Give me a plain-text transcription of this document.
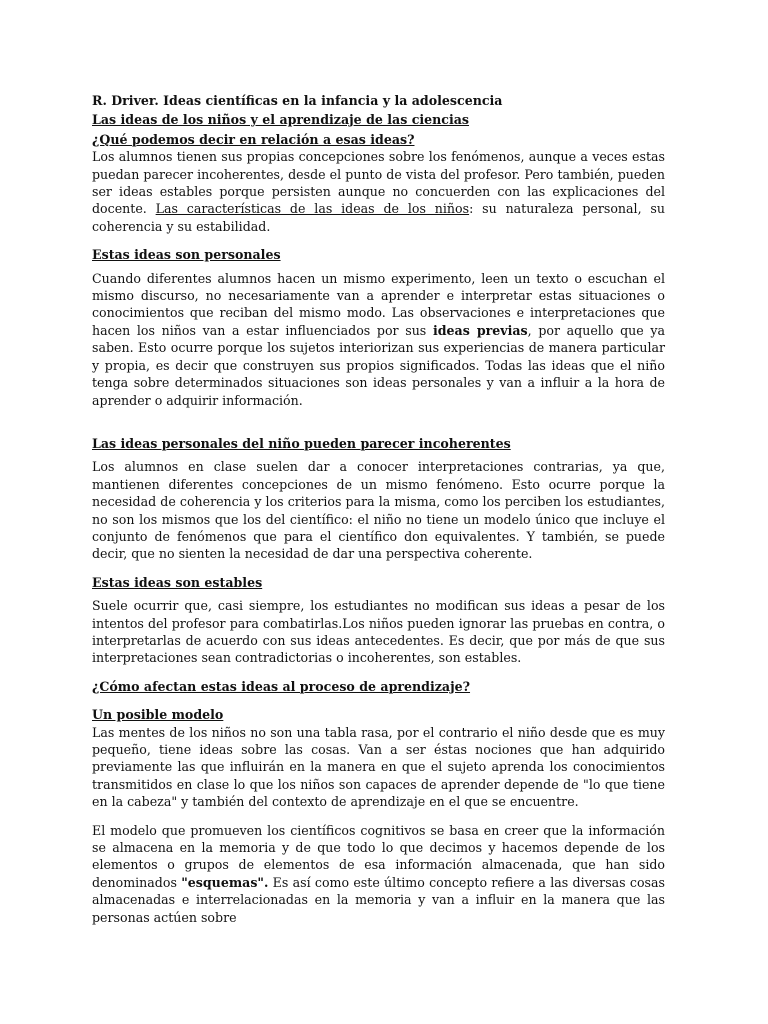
R. Driver. Ideas científicas en la infancia y la adolescencia

Las ideas de los niños y el aprendizaje de las ciencias

¿Qué podemos decir en relación a esas ideas?

Los alumnos tienen sus propias concepciones sobre los fenómenos, aunque a veces estas puedan parecer incoherentes, desde el punto de vista del profesor. Pero también, pueden ser ideas estables porque persisten aunque no concuerden con las explicaciones del docente. Las características de las ideas de los niños: su naturaleza personal, su coherencia y su estabilidad.

Estas ideas son personales

Cuando diferentes alumnos hacen un mismo experimento, leen un texto o escuchan el mismo discurso, no necesariamente van a aprender e interpretar estas situaciones o conocimientos que reciban del mismo modo. Las observaciones e interpretaciones que hacen los niños van a estar influenciados por sus ideas previas, por aquello que ya saben. Esto ocurre porque los sujetos interiorizan sus experiencias de manera particular y propia, es decir que construyen sus propios significados. Todas las ideas que el niño tenga sobre determinados situaciones son ideas personales y van a influir a la hora de aprender o adquirir información.

Las ideas personales del niño pueden parecer incoherentes

Los alumnos en clase suelen dar a conocer interpretaciones contrarias, ya que, mantienen diferentes concepciones de un mismo fenómeno. Esto ocurre porque la necesidad de coherencia y los criterios para la misma, como los perciben los estudiantes, no son los mismos que los del científico: el niño no tiene un modelo único que incluye el conjunto de fenómenos que para el científico don equivalentes. Y también, se puede decir, que no sienten la necesidad de dar una perspectiva coherente.

Estas ideas son estables

Suele ocurrir que, casi siempre, los estudiantes no modifican sus ideas a pesar de los intentos del profesor para combatirlas.Los niños pueden ignorar las pruebas en contra, o interpretarlas de acuerdo con sus ideas antecedentes. Es decir, que por más de que sus interpretaciones sean contradictorias o incoherentes, son estables.

¿Cómo afectan estas ideas al proceso de aprendizaje?

Un posible modelo

Las mentes de los niños no son una tabla rasa, por el contrario el niño desde que es muy pequeño, tiene ideas sobre las cosas. Van a ser éstas nociones que han adquirido previamente las que influirán en la manera en que el sujeto aprenda los conocimientos transmitidos en clase lo que los niños son capaces de aprender depende de "lo que tiene en la cabeza" y también del contexto de aprendizaje en el que se encuentre.

El modelo que promueven los científicos cognitivos se basa en creer que la información se almacena en la memoria y de que todo lo que decimos y hacemos depende de los elementos o grupos de elementos de esa información almacenada, que han sido denominados "esquemas". Es así como este último concepto refiere a las diversas cosas almacenadas e interrelacionadas en la memoria y van a influir en la manera que las personas actúen sobre
